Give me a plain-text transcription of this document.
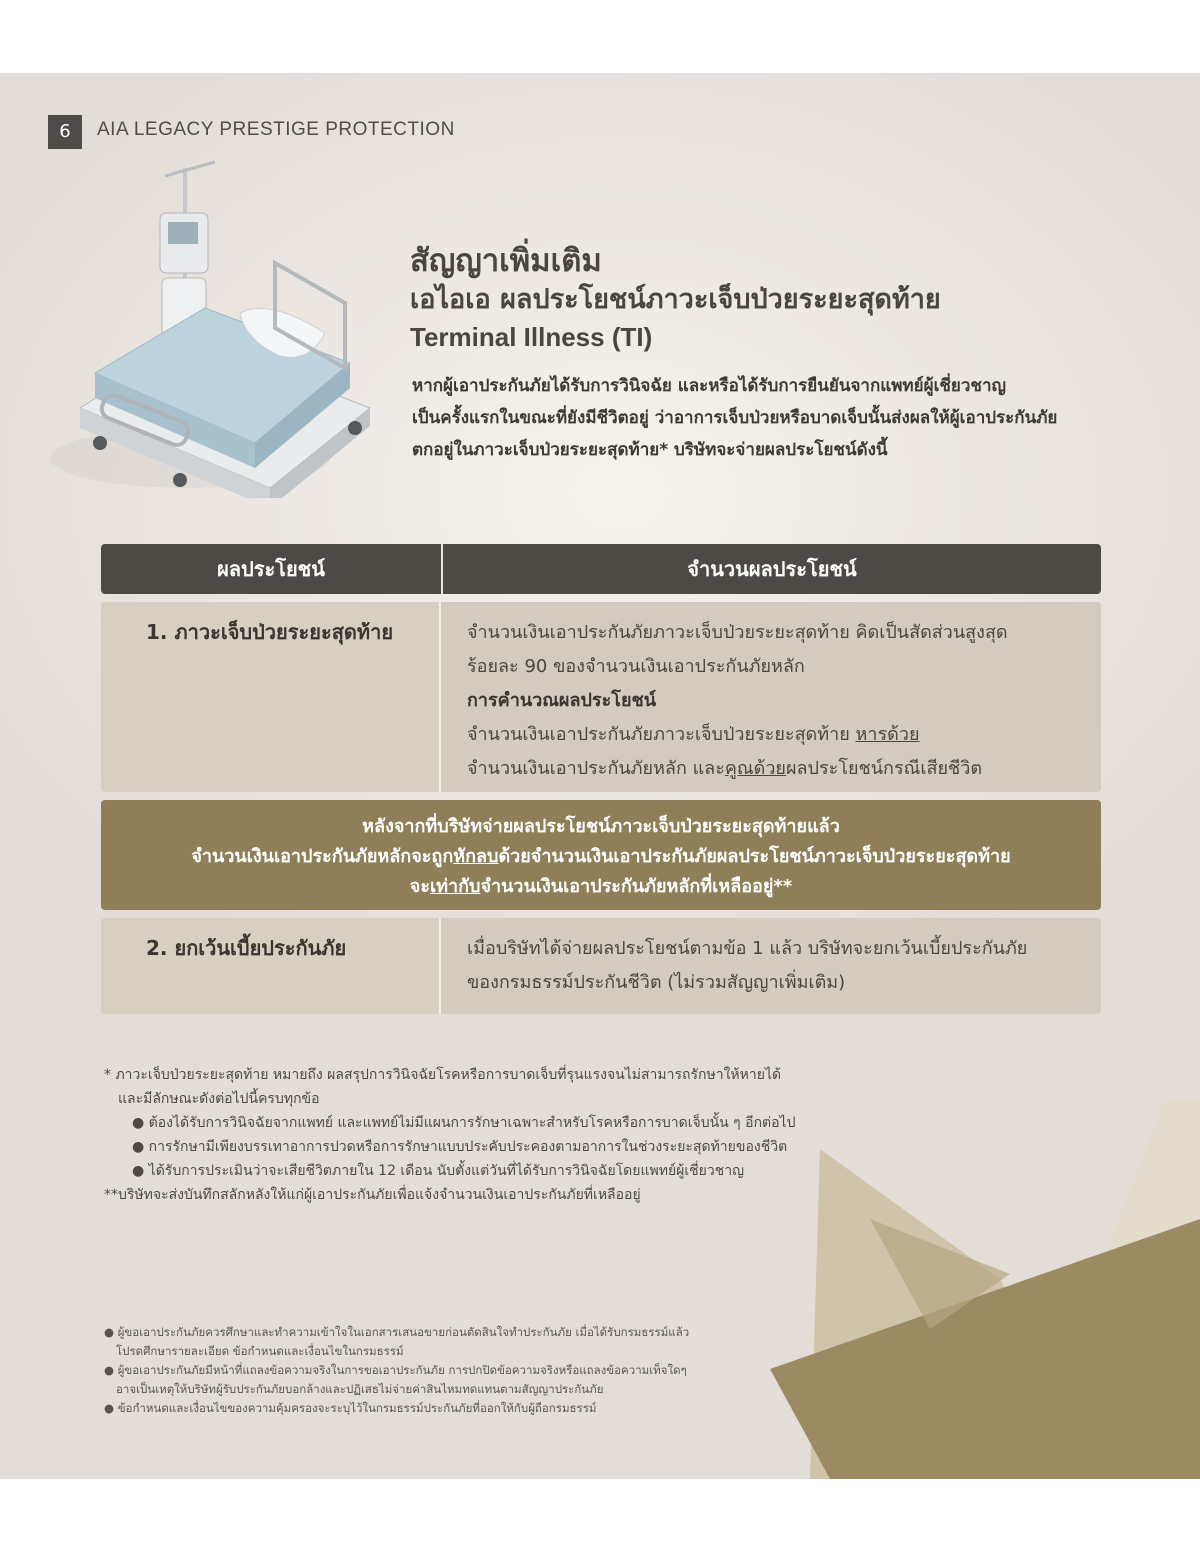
6	AIA LEGACY PRESTIGE PROTECTION
สัญญาเพิ่มเติม
เอไอเอ ผลประโยชน์ภาวะเจ็บป่วยระยะสุดท้าย
Terminal Illness (TI)
หากผู้เอาประกันภัยได้รับการวินิจฉัย และหรือได้รับการยืนยันจากแพทย์ผู้เชี่ยวชาญ
เป็นครั้งแรกในขณะที่ยังมีชีวิตอยู่ ว่าอาการเจ็บป่วยหรือบาดเจ็บนั้นส่งผลให้ผู้เอาประกันภัย
ตกอยู่ในภาวะเจ็บป่วยระยะสุดท้าย* บริษัทจะจ่ายผลประโยชน์ดังนี้
ผลประโยชน์	จำนวนผลประโยชน์
1. ภาวะเจ็บป่วยระยะสุดท้าย	จำนวนเงินเอาประกันภัยภาวะเจ็บป่วยระยะสุดท้าย คิดเป็นสัดส่วนสูงสุด
ร้อยละ 90 ของจำนวนเงินเอาประกันภัยหลัก
การคำนวณผลประโยชน์
จำนวนเงินเอาประกันภัยภาวะเจ็บป่วยระยะสุดท้าย หารด้วย
จำนวนเงินเอาประกันภัยหลัก และคูณด้วยผลประโยชน์กรณีเสียชีวิต
หลังจากที่บริษัทจ่ายผลประโยชน์ภาวะเจ็บป่วยระยะสุดท้ายแล้ว
จำนวนเงินเอาประกันภัยหลักจะถูกหักลบด้วยจำนวนเงินเอาประกันภัยผลประโยชน์ภาวะเจ็บป่วยระยะสุดท้าย
จะเท่ากับจำนวนเงินเอาประกันภัยหลักที่เหลืออยู่**
2. ยกเว้นเบี้ยประกันภัย	เมื่อบริษัทได้จ่ายผลประโยชน์ตามข้อ 1 แล้ว บริษัทจะยกเว้นเบี้ยประกันภัย
ของกรมธรรม์ประกันชีวิต (ไม่รวมสัญญาเพิ่มเติม)
* ภาวะเจ็บป่วยระยะสุดท้าย หมายถึง ผลสรุปการวินิจฉัยโรคหรือการบาดเจ็บที่รุนแรงจนไม่สามารถรักษาให้หายได้
และมีลักษณะดังต่อไปนี้ครบทุกข้อ
● ต้องได้รับการวินิจฉัยจากแพทย์ และแพทย์ไม่มีแผนการรักษาเฉพาะสำหรับโรคหรือการบาดเจ็บนั้น ๆ อีกต่อไป
● การรักษามีเพียงบรรเทาอาการปวดหรือการรักษาแบบประคับประคองตามอาการในช่วงระยะสุดท้ายของชีวิต
● ได้รับการประเมินว่าจะเสียชีวิตภายใน 12 เดือน นับตั้งแต่วันที่ได้รับการวินิจฉัยโดยแพทย์ผู้เชี่ยวชาญ
**บริษัทจะส่งบันทึกสลักหลังให้แก่ผู้เอาประกันภัยเพื่อแจ้งจำนวนเงินเอาประกันภัยที่เหลืออยู่
● ผู้ขอเอาประกันภัยควรศึกษาและทำความเข้าใจในเอกสารเสนอขายก่อนตัดสินใจทำประกันภัย เมื่อได้รับกรมธรรม์แล้ว
โปรดศึกษารายละเอียด ข้อกำหนดและเงื่อนไขในกรมธรรม์
● ผู้ขอเอาประกันภัยมีหน้าที่แถลงข้อความจริงในการขอเอาประกันภัย การปกปิดข้อความจริงหรือแถลงข้อความเท็จใดๆ
อาจเป็นเหตุให้บริษัทผู้รับประกันภัยบอกล้างและปฏิเสธไม่จ่ายค่าสินไหมทดแทนตามสัญญาประกันภัย
● ข้อกำหนดและเงื่อนไขของความคุ้มครองจะระบุไว้ในกรมธรรม์ประกันภัยที่ออกให้กับผู้ถือกรมธรรม์
